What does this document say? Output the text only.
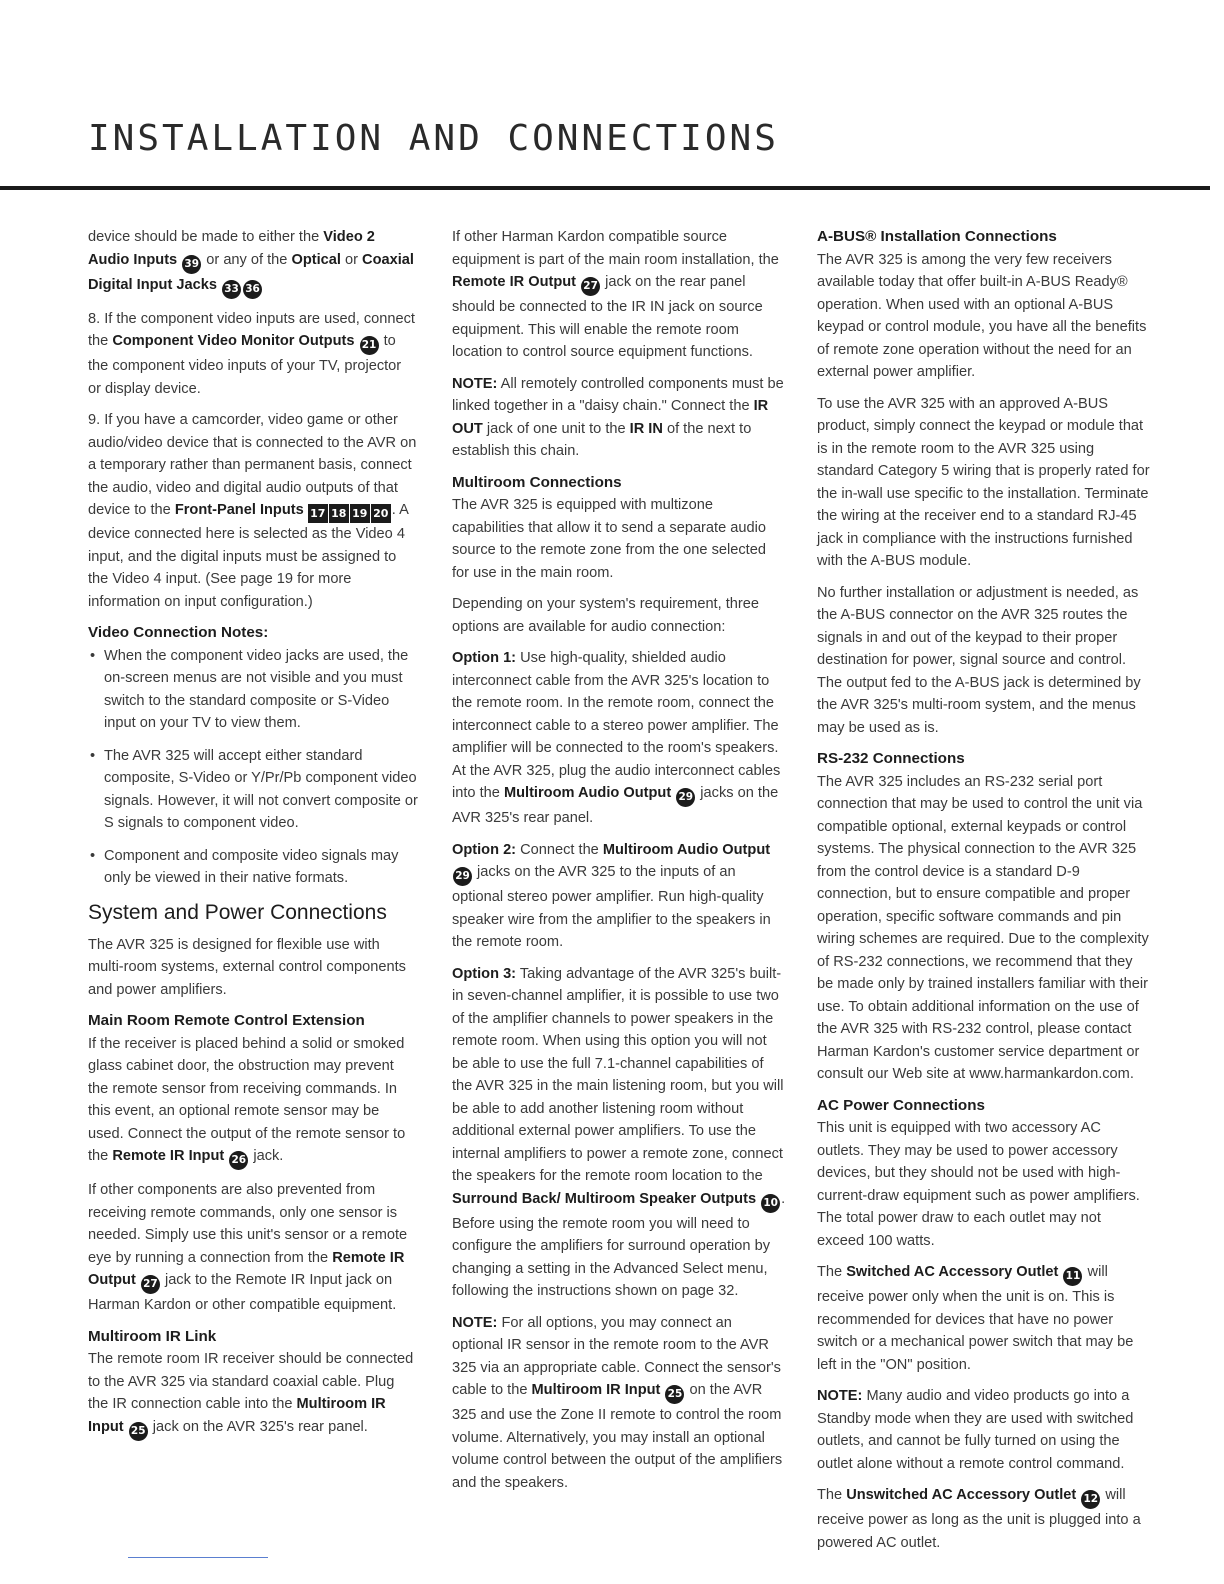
INSTALLATION AND CONNECTIONS

device should be made to either the Video 2 Audio Inputs 39 or any of the Optical or Coaxial Digital Input Jacks 33 36

8. If the component video inputs are used, connect the Component Video Monitor Outputs 21 to the component video inputs of your TV, projector or display device.

9. If you have a camcorder, video game or other audio/video device that is connected to the AVR on a temporary rather than permanent basis, connect the audio, video and digital audio outputs of that device to the Front-Panel Inputs 17 18 19 20 . A device connected here is selected as the Video 4 input, and the digital inputs must be assigned to the Video 4 input. (See page 19 for more information on input configuration.)

Video Connection Notes:
• When the component video jacks are used, the on-screen menus are not visible and you must switch to the standard composite or S-Video input on your TV to view them.
• The AVR 325 will accept either standard composite, S-Video or Y/Pr/Pb component video signals. However, it will not convert composite or S signals to component video.
• Component and composite video signals may only be viewed in their native formats.
System and Power Connections

The AVR 325 is designed for flexible use with multi-room systems, external control components and power amplifiers.

Main Room Remote Control Extension

If the receiver is placed behind a solid or smoked glass cabinet door, the obstruction may prevent the remote sensor from receiving commands. In this event, an optional remote sensor may be used. Connect the output of the remote sensor to the Remote IR Input 26 jack.

If other components are also prevented from receiving remote commands, only one sensor is needed. Simply use this unit's sensor or a remote eye by running a connection from the Remote IR Output 27 jack to the Remote IR Input jack on Harman Kardon or other compatible equipment.

Multiroom IR Link

The remote room IR receiver should be connected to the AVR 325 via standard coaxial cable. Plug the IR connection cable into the Multiroom IR Input 25 jack on the AVR 325's rear panel.

If other Harman Kardon compatible source equipment is part of the main room installation, the Remote IR Output 27 jack on the rear panel should be connected to the IR IN jack on source equipment. This will enable the remote room location to control source equipment functions.

NOTE: All remotely controlled components must be linked together in a "daisy chain." Connect the IR OUT jack of one unit to the IR IN of the next to establish this chain.

Multiroom Connections

The AVR 325 is equipped with multizone capabilities that allow it to send a separate audio source to the remote zone from the one selected for use in the main room.

Depending on your system's requirement, three options are available for audio connection:

Option 1: Use high-quality, shielded audio interconnect cable from the AVR 325's location to the remote room. In the remote room, connect the interconnect cable to a stereo power amplifier. The amplifier will be connected to the room's speakers. At the AVR 325, plug the audio interconnect cables into the Multiroom Audio Output 29 jacks on the AVR 325's rear panel.

Option 2: Connect the Multiroom Audio Output 29 jacks on the AVR 325 to the inputs of an optional stereo power amplifier. Run high-quality speaker wire from the amplifier to the speakers in the remote room.

Option 3: Taking advantage of the AVR 325's built-in seven-channel amplifier, it is possible to use two of the amplifier channels to power speakers in the remote room. When using this option you will not be able to use the full 7.1-channel capabilities of the AVR 325 in the main listening room, but you will be able to add another listening room without additional external power amplifiers. To use the internal amplifiers to power a remote zone, connect the speakers for the remote room location to the Surround Back/ Multiroom Speaker Outputs 10 . Before using the remote room you will need to configure the amplifiers for surround operation by changing a setting in the Advanced Select menu, following the instructions shown on page 32.

NOTE: For all options, you may connect an optional IR sensor in the remote room to the AVR 325 via an appropriate cable. Connect the sensor's cable to the Multiroom IR Input 25 on the AVR 325 and use the Zone II remote to control the room volume. Alternatively, you may install an optional volume control between the output of the amplifiers and the speakers.

A-BUS® Installation Connections

The AVR 325 is among the very few receivers available today that offer built-in A-BUS Ready® operation. When used with an optional A-BUS keypad or control module, you have all the benefits of remote zone operation without the need for an external power amplifier.

To use the AVR 325 with an approved A-BUS product, simply connect the keypad or module that is in the remote room to the AVR 325 using standard Category 5 wiring that is properly rated for the in-wall use specific to the installation. Terminate the wiring at the receiver end to a standard RJ-45 jack in compliance with the instructions furnished with the A-BUS module.

No further installation or adjustment is needed, as the A-BUS connector on the AVR 325 routes the signals in and out of the keypad to their proper destination for power, signal source and control. The output fed to the A-BUS jack is determined by the AVR 325's multi-room system, and the menus may be used as is.

RS-232 Connections

The AVR 325 includes an RS-232 serial port connection that may be used to control the unit via compatible optional, external keypads or control systems. The physical connection to the AVR 325 from the control device is a standard D-9 connection, but to ensure compatible and proper operation, specific software commands and pin wiring schemes are required. Due to the complexity of RS-232 connections, we recommend that they be made only by trained installers familiar with their use. To obtain additional information on the use of the AVR 325 with RS-232 control, please contact Harman Kardon's customer service department or consult our Web site at www.harmankardon.com.

AC Power Connections

This unit is equipped with two accessory AC outlets. They may be used to power accessory devices, but they should not be used with high-current-draw equipment such as power amplifiers. The total power draw to each outlet may not exceed 100 watts.

The Switched AC Accessory Outlet 11 will receive power only when the unit is on. This is recommended for devices that have no power switch or a mechanical power switch that may be left in the "ON" position.

NOTE: Many audio and video products go into a Standby mode when they are used with switched outlets, and cannot be fully turned on using the outlet alone without a remote control command.

The Unswitched AC Accessory Outlet 12 will receive power as long as the unit is plugged into a powered AC outlet.
